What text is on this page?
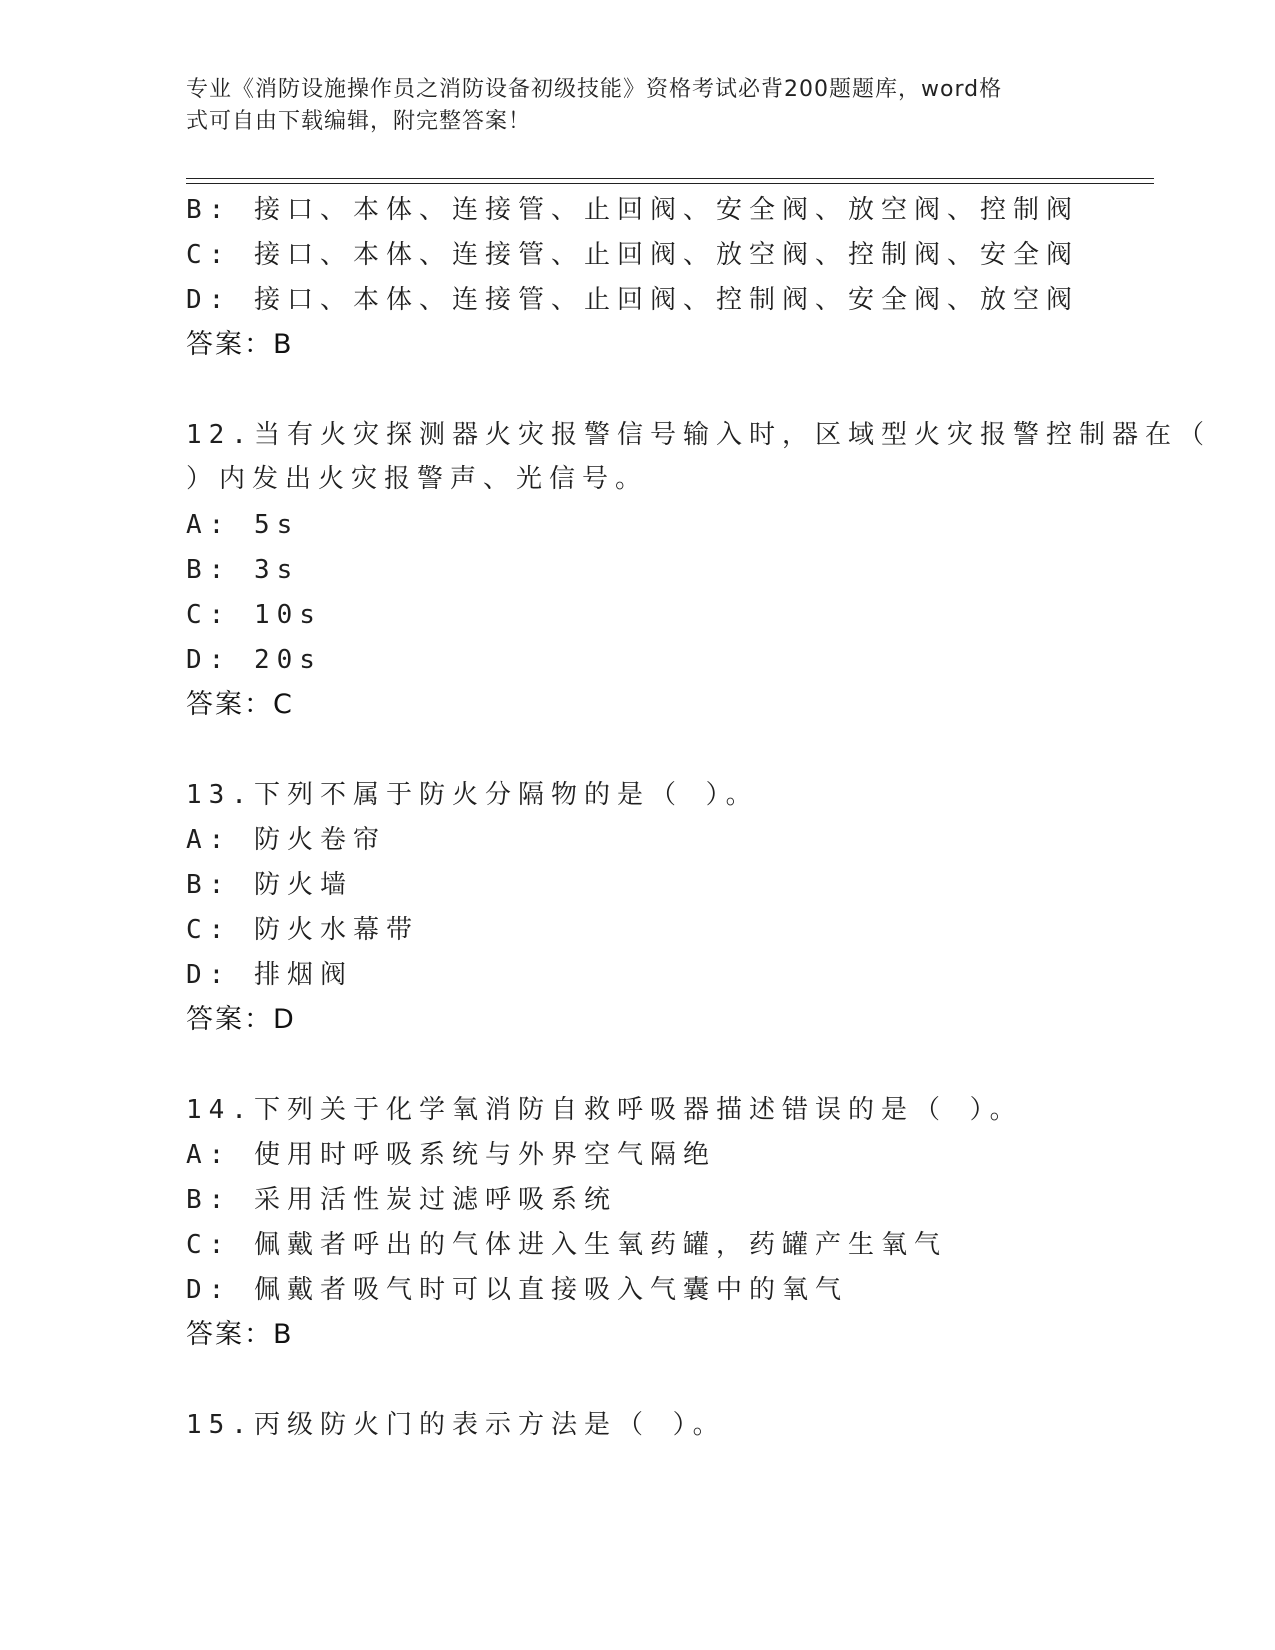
专业《消防设施操作员之消防设备初级技能》资格考试必背200题题库，word格
式可自由下载编辑，附完整答案！
B: 接口、本体、连接管、止回阀、安全阀、放空阀、控制阀
C: 接口、本体、连接管、止回阀、放空阀、控制阀、安全阀
D: 接口、本体、连接管、止回阀、控制阀、安全阀、放空阀
答案：B
12.当有火灾探测器火灾报警信号输入时，区域型火灾报警控制器在（
）内发出火灾报警声、光信号。
A: 5s
B: 3s
C: 10s
D: 20s
答案：C
13.下列不属于防火分隔物的是（ ）。
A: 防火卷帘
B: 防火墙
C: 防火水幕带
D: 排烟阀
答案：D
14.下列关于化学氧消防自救呼吸器描述错误的是（ ）。
A: 使用时呼吸系统与外界空气隔绝
B: 采用活性炭过滤呼吸系统
C: 佩戴者呼出的气体进入生氧药罐，药罐产生氧气
D: 佩戴者吸气时可以直接吸入气囊中的氧气
答案：B
15.丙级防火门的表示方法是（ ）。
